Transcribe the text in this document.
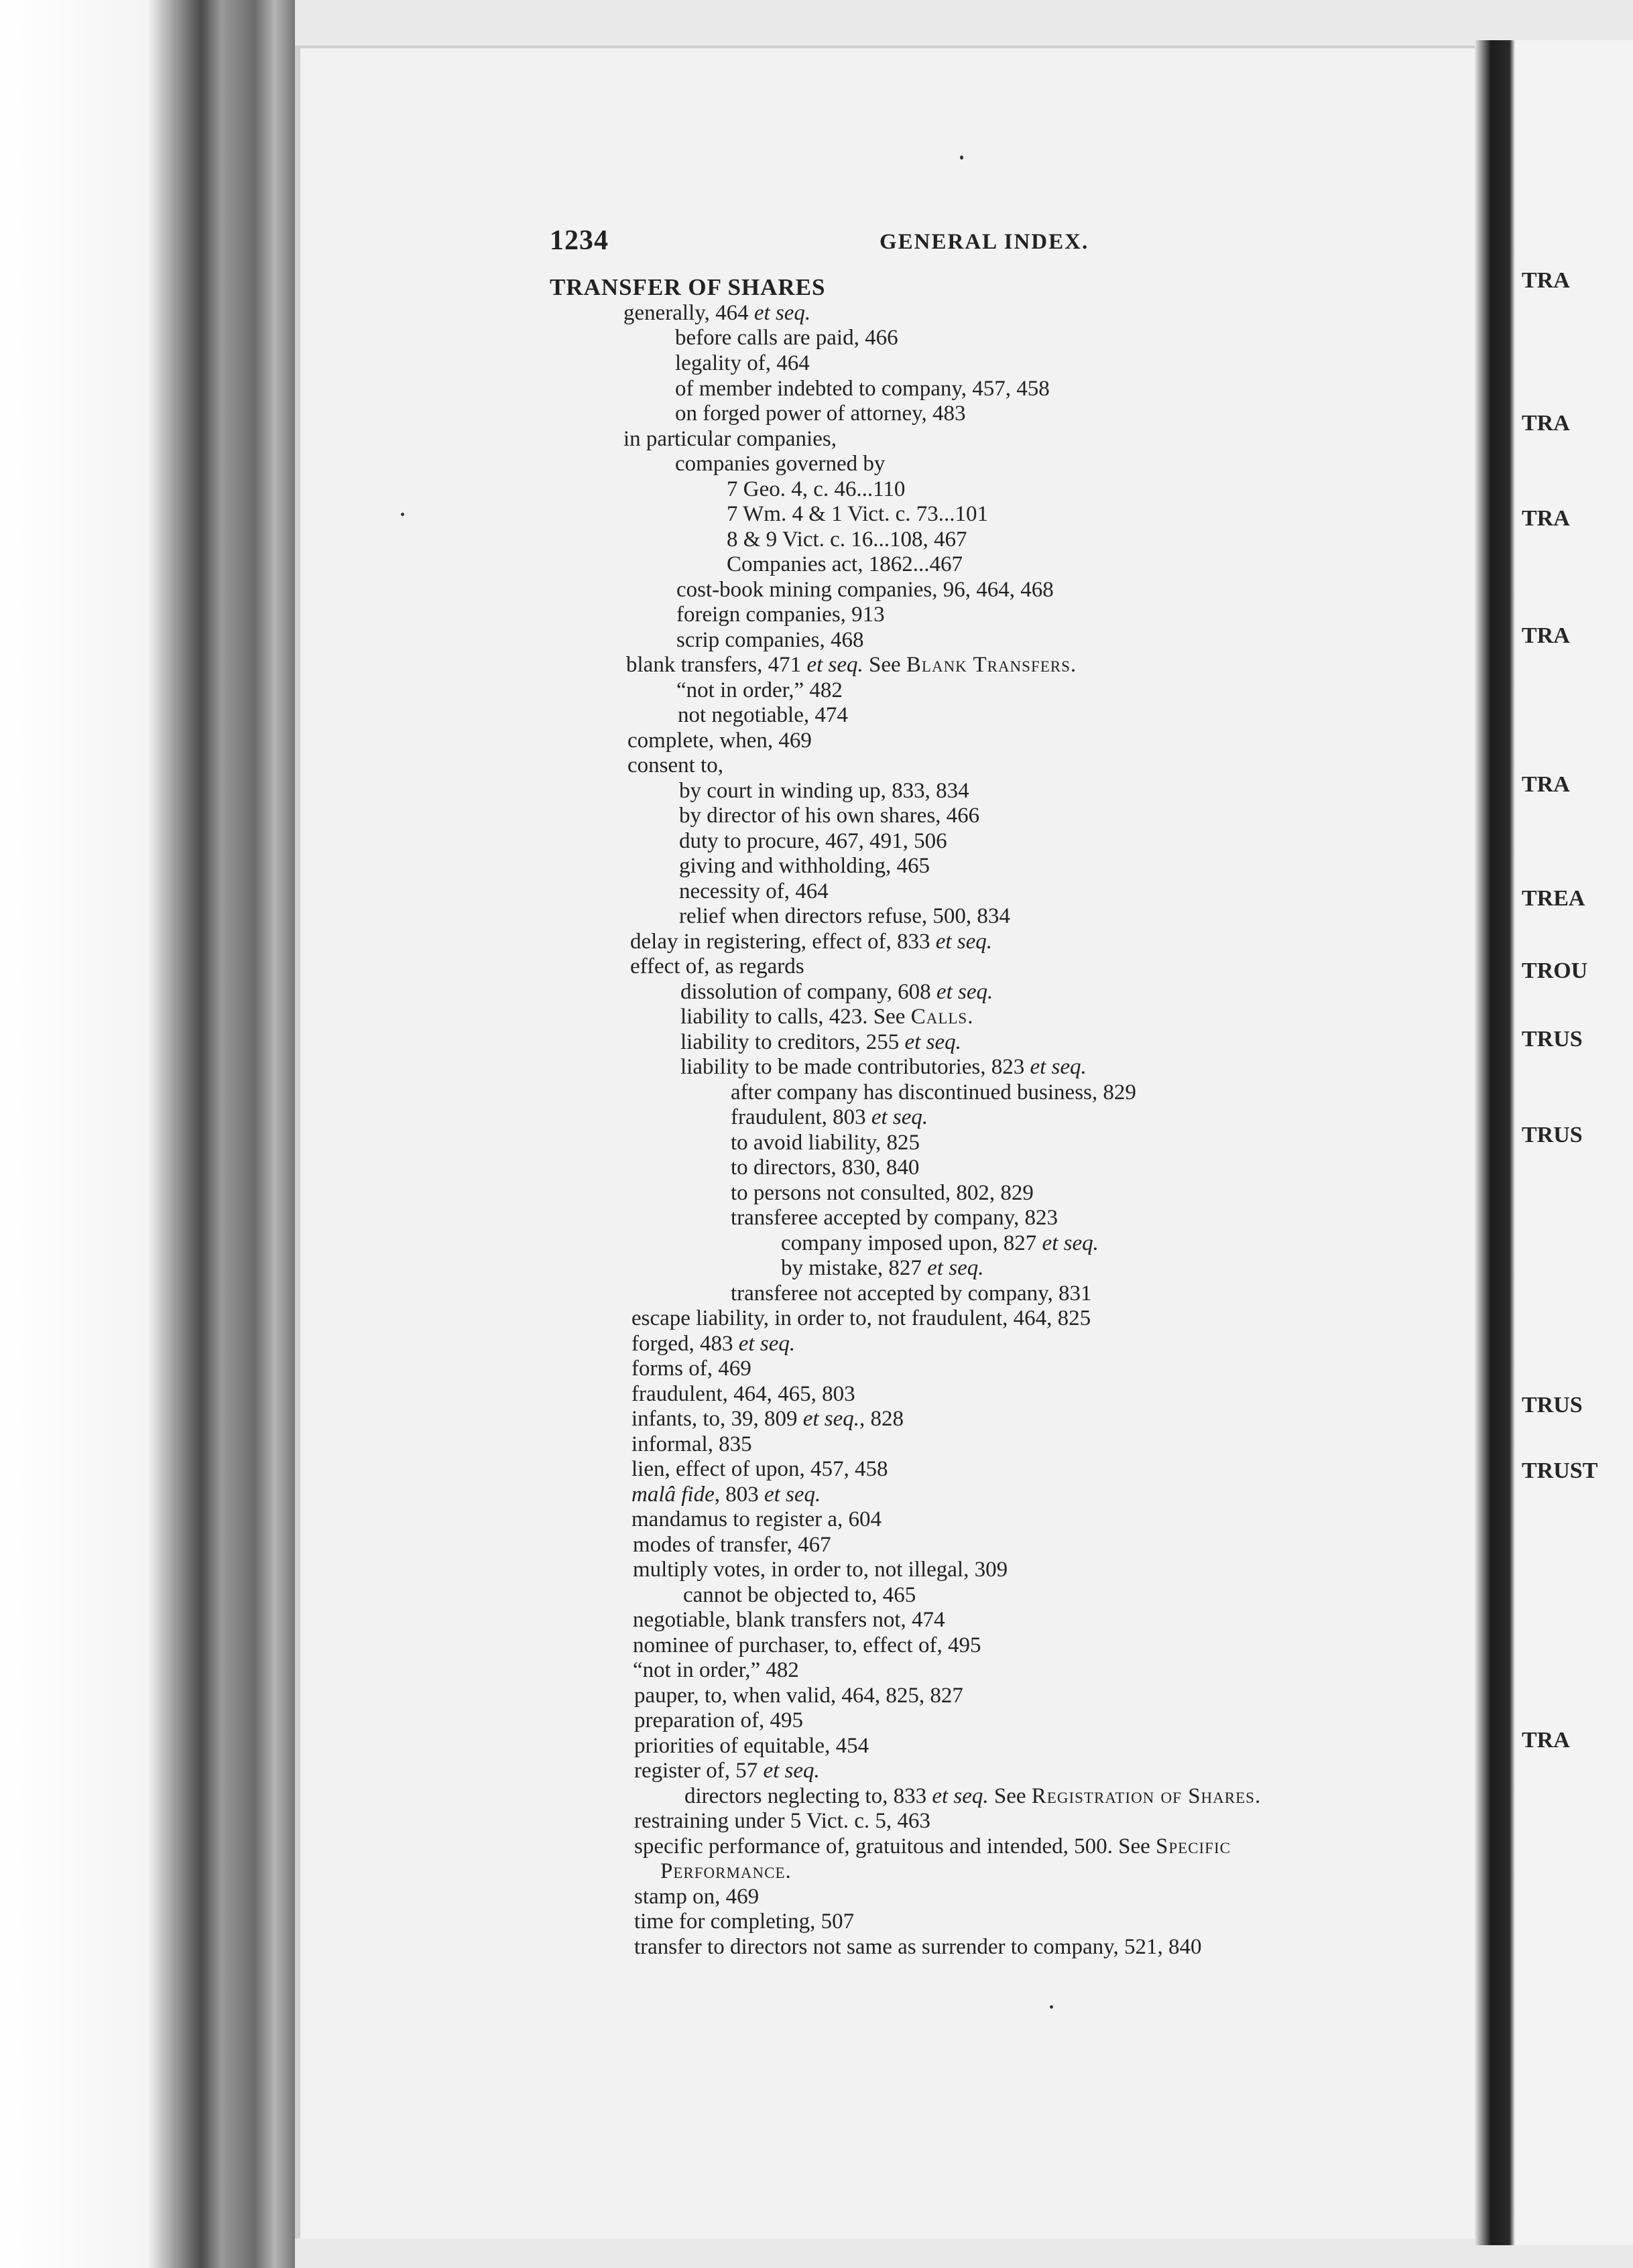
TRA
TRA
TRA
TRA
TRA
TREA
TROU
TRUS
TRUS
TRUS
TRUST
TRA
1234	GENERAL INDEX.
TRANSFER OF SHARES
generally, 464 et seq.
before calls are paid, 466
legality of, 464
of member indebted to company, 457, 458
on forged power of attorney, 483
in particular companies,
companies governed by
7 Geo. 4, c. 46...110
7 Wm. 4 & 1 Vict. c. 73...101
8 & 9 Vict. c. 16...108, 467
Companies act, 1862...467
cost-book mining companies, 96, 464, 468
foreign companies, 913
scrip companies, 468
blank transfers, 471 et seq. See Blank Transfers.
“not in order,” 482
not negotiable, 474
complete, when, 469
consent to,
by court in winding up, 833, 834
by director of his own shares, 466
duty to procure, 467, 491, 506
giving and withholding, 465
necessity of, 464
relief when directors refuse, 500, 834
delay in registering, effect of, 833 et seq.
effect of, as regards
dissolution of company, 608 et seq.
liability to calls, 423. See Calls.
liability to creditors, 255 et seq.
liability to be made contributories, 823 et seq.
after company has discontinued business, 829
fraudulent, 803 et seq.
to avoid liability, 825
to directors, 830, 840
to persons not consulted, 802, 829
transferee accepted by company, 823
company imposed upon, 827 et seq.
by mistake, 827 et seq.
transferee not accepted by company, 831
escape liability, in order to, not fraudulent, 464, 825
forged, 483 et seq.
forms of, 469
fraudulent, 464, 465, 803
infants, to, 39, 809 et seq., 828
informal, 835
lien, effect of upon, 457, 458
malâ fide, 803 et seq.
mandamus to register a, 604
modes of transfer, 467
multiply votes, in order to, not illegal, 309
cannot be objected to, 465
negotiable, blank transfers not, 474
nominee of purchaser, to, effect of, 495
“not in order,” 482
pauper, to, when valid, 464, 825, 827
preparation of, 495
priorities of equitable, 454
register of, 57 et seq.
directors neglecting to, 833 et seq. See Registration of Shares.
restraining under 5 Vict. c. 5, 463
specific performance of, gratuitous and intended, 500. See Specific
Performance.
stamp on, 469
time for completing, 507
transfer to directors not same as surrender to company, 521, 840
